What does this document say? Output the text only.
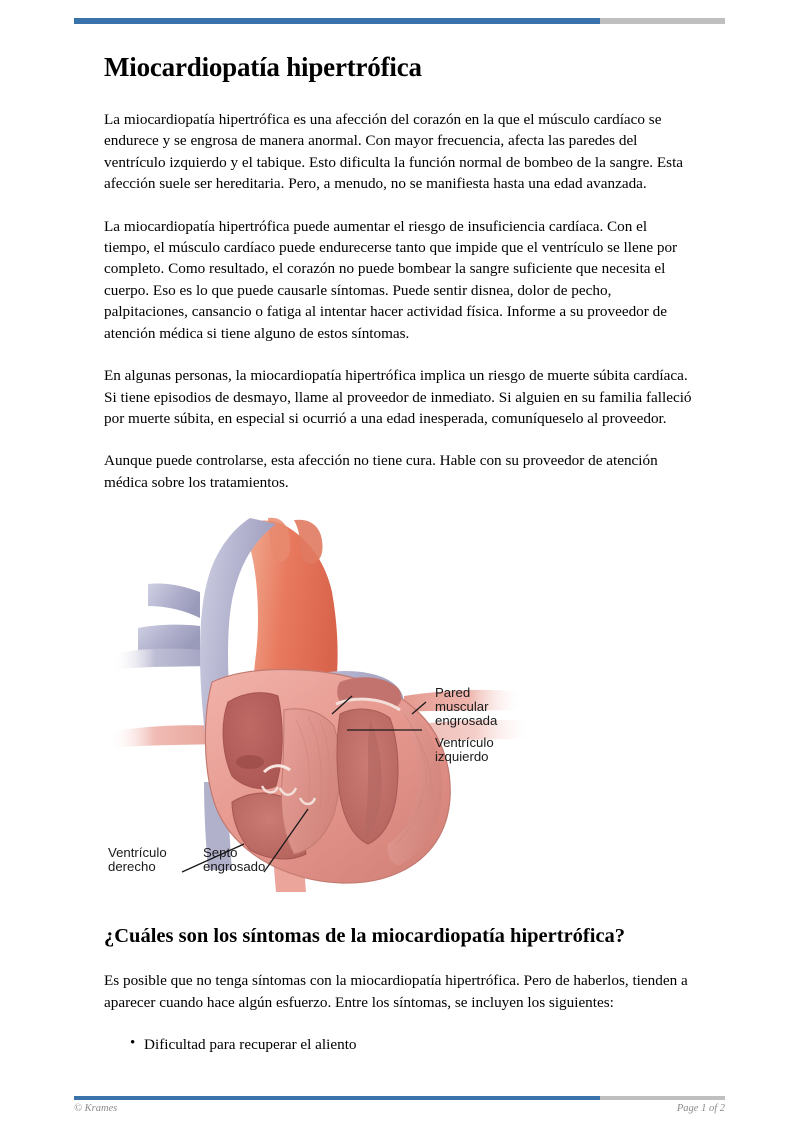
Miocardiopatía hipertrófica

La miocardiopatía hipertrófica es una afección del corazón en la que el músculo cardíaco se endurece y se engrosa de manera anormal. Con mayor frecuencia, afecta las paredes del ventrículo izquierdo y el tabique. Esto dificulta la función normal de bombeo de la sangre. Esta afección suele ser hereditaria. Pero, a menudo, no se manifiesta hasta una edad avanzada.

La miocardiopatía hipertrófica puede aumentar el riesgo de insuficiencia cardíaca. Con el tiempo, el músculo cardíaco puede endurecerse tanto que impide que el ventrículo se llene por completo. Como resultado, el corazón no puede bombear la sangre suficiente que necesita el cuerpo. Eso es lo que puede causarle síntomas. Puede sentir disnea, dolor de pecho, palpitaciones, cansancio o fatiga al intentar hacer actividad física. Informe a su proveedor de atención médica si tiene alguno de estos síntomas.

En algunas personas, la miocardiopatía hipertrófica implica un riesgo de muerte súbita cardíaca. Si tiene episodios de desmayo, llame al proveedor de inmediato. Si alguien en su familia falleció por muerte súbita, en especial si ocurrió a una edad inesperada, comuníqueselo al proveedor.

Aunque puede controlarse, esta afección no tiene cura. Hable con su proveedor de atención médica sobre los tratamientos.

Pared
muscular
engrosada
Ventrículo
izquierdo
Ventrículo
derecho
Septo
engrosado
¿Cuáles son los síntomas de la miocardiopatía hipertrófica?

Es posible que no tenga síntomas con la miocardiopatía hipertrófica. Pero de haberlos, tienden a aparecer cuando hace algún esfuerzo. Entre los síntomas, se incluyen los siguientes:

• Dificultad para recuperar el aliento
© Krames	Page 1 of 2
